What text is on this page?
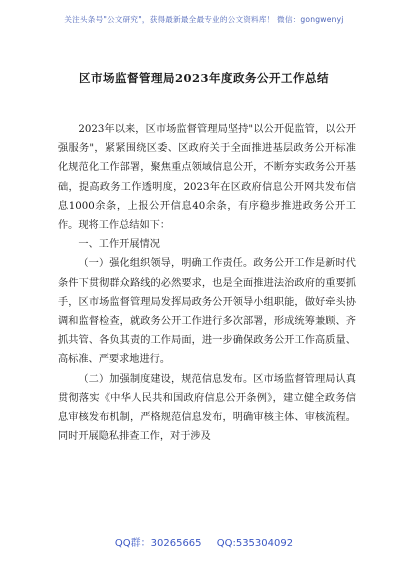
关注头条号"公文研究"，获得最新最全最专业的公文资料库！ 微信：gongwenyj
区市场监督管理局2023年度政务公开工作总结

2023年以来，区市场监督管理局坚持"以公开促监管，以公开强服务"，紧紧围绕区委、区政府关于全面推进基层政务公开标准化规范化工作部署，聚焦重点领域信息公开，不断夯实政务公开基础，提高政务工作透明度，2023年在区政府信息公开网共发布信息1000余条，上报公开信息40余条，有序稳步推进政务公开工作。现将工作总结如下：

一、工作开展情况

（一）强化组织领导，明确工作责任。政务公开工作是新时代条件下贯彻群众路线的必然要求，也是全面推进法治政府的重要抓手，区市场监督管理局发挥局政务公开领导小组职能，做好牵头协调和监督检查，就政务公开工作进行多次部署，形成统筹兼顾、齐抓共管、各负其责的工作局面，进一步确保政务公开工作高质量、高标准、严要求地进行。

（二）加强制度建设，规范信息发布。区市场监督管理局认真贯彻落实《中华人民共和国政府信息公开条例》，建立健全政务信息审核发布机制，严格规范信息发布，明确审核主体、审核流程。同时开展隐私排查工作，对于涉及

QQ群：30265665 QQ:535304092
